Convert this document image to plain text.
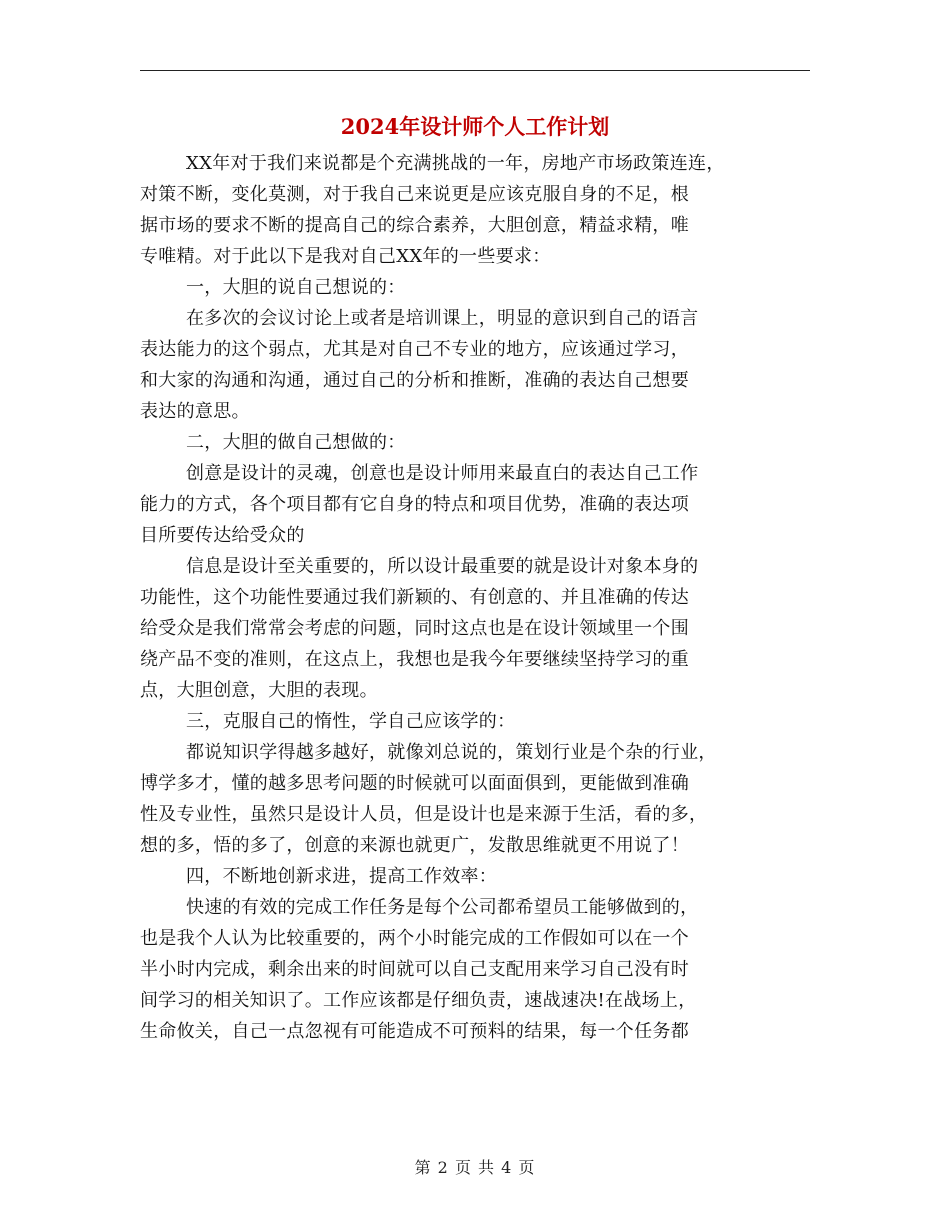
2024年设计师个人工作计划
XX年对于我们来说都是个充满挑战的一年，房地产市场政策连连，
对策不断，变化莫测，对于我自己来说更是应该克服自身的不足，根
据市场的要求不断的提高自己的综合素养，大胆创意，精益求精，唯
专唯精。对于此以下是我对自己XX年的一些要求：
一，大胆的说自己想说的：
在多次的会议讨论上或者是培训课上，明显的意识到自己的语言
表达能力的这个弱点，尤其是对自己不专业的地方，应该通过学习，
和大家的沟通和沟通，通过自己的分析和推断，准确的表达自己想要
表达的意思。
二，大胆的做自己想做的：
创意是设计的灵魂，创意也是设计师用来最直白的表达自己工作
能力的方式，各个项目都有它自身的特点和项目优势，准确的表达项
目所要传达给受众的
信息是设计至关重要的，所以设计最重要的就是设计对象本身的
功能性，这个功能性要通过我们新颖的、有创意的、并且准确的传达
给受众是我们常常会考虑的问题，同时这点也是在设计领域里一个围
绕产品不变的准则，在这点上，我想也是我今年要继续坚持学习的重
点，大胆创意，大胆的表现。
三，克服自己的惰性，学自己应该学的：
都说知识学得越多越好，就像刘总说的，策划行业是个杂的行业，
博学多才，懂的越多思考问题的时候就可以面面俱到，更能做到准确
性及专业性，虽然只是设计人员，但是设计也是来源于生活，看的多，
想的多，悟的多了，创意的来源也就更广，发散思维就更不用说了！
四，不断地创新求进，提高工作效率：
快速的有效的完成工作任务是每个公司都希望员工能够做到的，
也是我个人认为比较重要的，两个小时能完成的工作假如可以在一个
半小时内完成，剩余出来的时间就可以自己支配用来学习自己没有时
间学习的相关知识了。工作应该都是仔细负责，速战速决!在战场上，
生命攸关，自己一点忽视有可能造成不可预料的结果，每一个任务都
第 2 页 共 4 页
